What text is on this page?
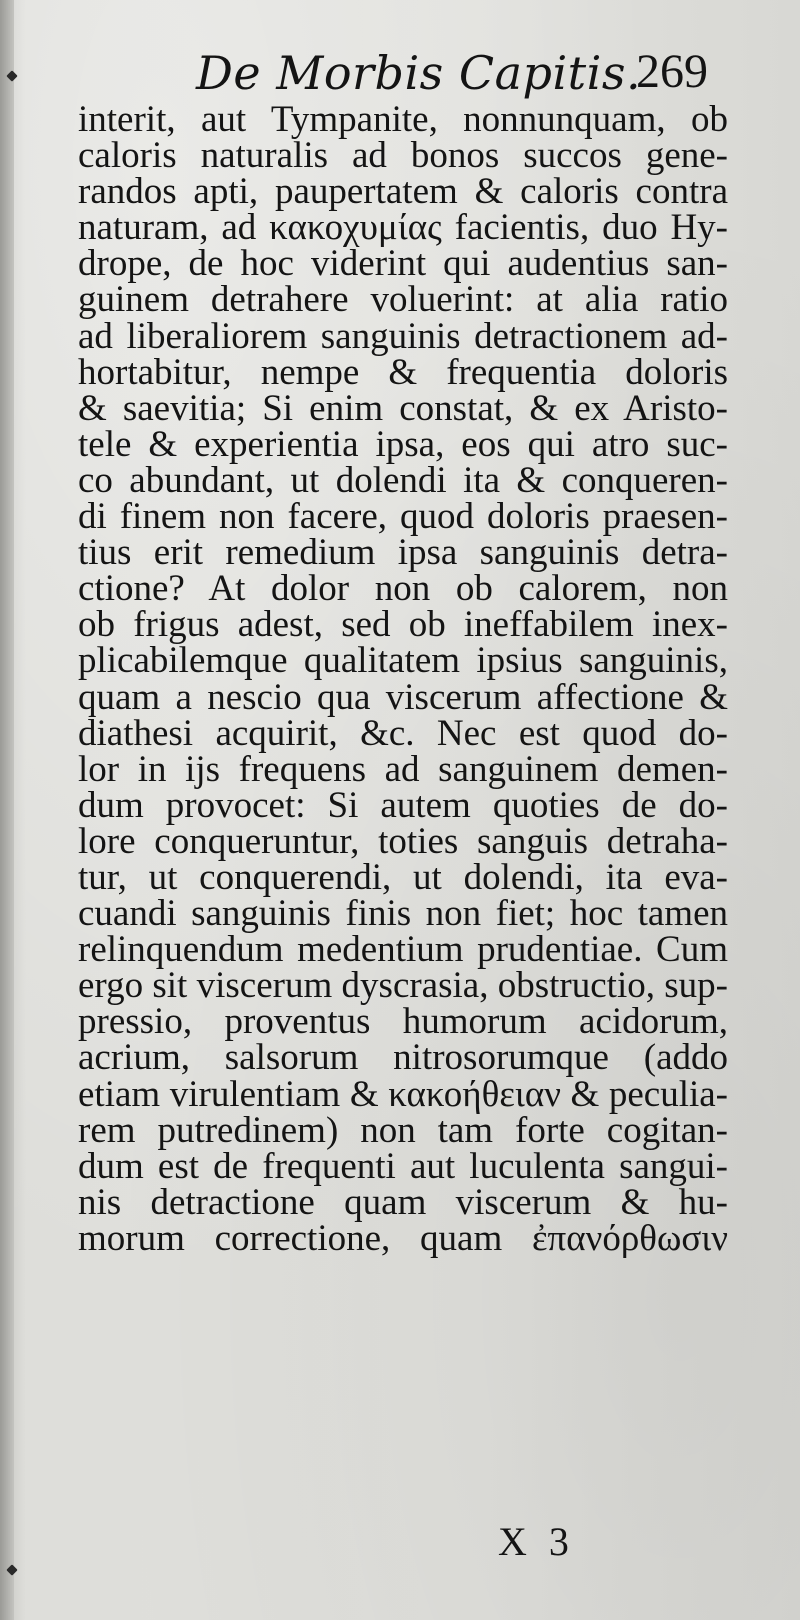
De Morbis Capitis.
269
interit, aut Tympanite, nonnunquam, ob
caloris naturalis ad bonos succos gene-
randos apti, paupertatem & caloris contra
naturam, ad κακοχυμίας facientis, duo Hy-
drope, de hoc viderint qui audentius san-
guinem detrahere voluerint: at alia ratio
ad liberaliorem sanguinis detractionem ad-
hortabitur, nempe & frequentia doloris
& saevitia; Si enim constat, & ex Aristo-
tele & experientia ipsa, eos qui atro suc-
co abundant, ut dolendi ita & conqueren-
di finem non facere, quod doloris praesen-
tius erit remedium ipsa sanguinis detra-
ctione? At dolor non ob calorem, non
ob frigus adest, sed ob ineffabilem inex-
plicabilemque qualitatem ipsius sanguinis,
quam a nescio qua viscerum affectione &
diathesi acquirit, &c. Nec est quod do-
lor in ijs frequens ad sanguinem demen-
dum provocet: Si autem quoties de do-
lore conqueruntur, toties sanguis detraha-
tur, ut conquerendi, ut dolendi, ita eva-
cuandi sanguinis finis non fiet; hoc tamen
relinquendum medentium prudentiae. Cum
ergo sit viscerum dyscrasia, obstructio, sup-
pressio, proventus humorum acidorum,
acrium, salsorum nitrosorumque (addo
etiam virulentiam & κακοήθειαν & peculia-
rem putredinem) non tam forte cogitan-
dum est de frequenti aut luculenta sangui-
nis detractione quam viscerum & hu-
morum correctione, quam ἐπανόρθωσιν
X 3
